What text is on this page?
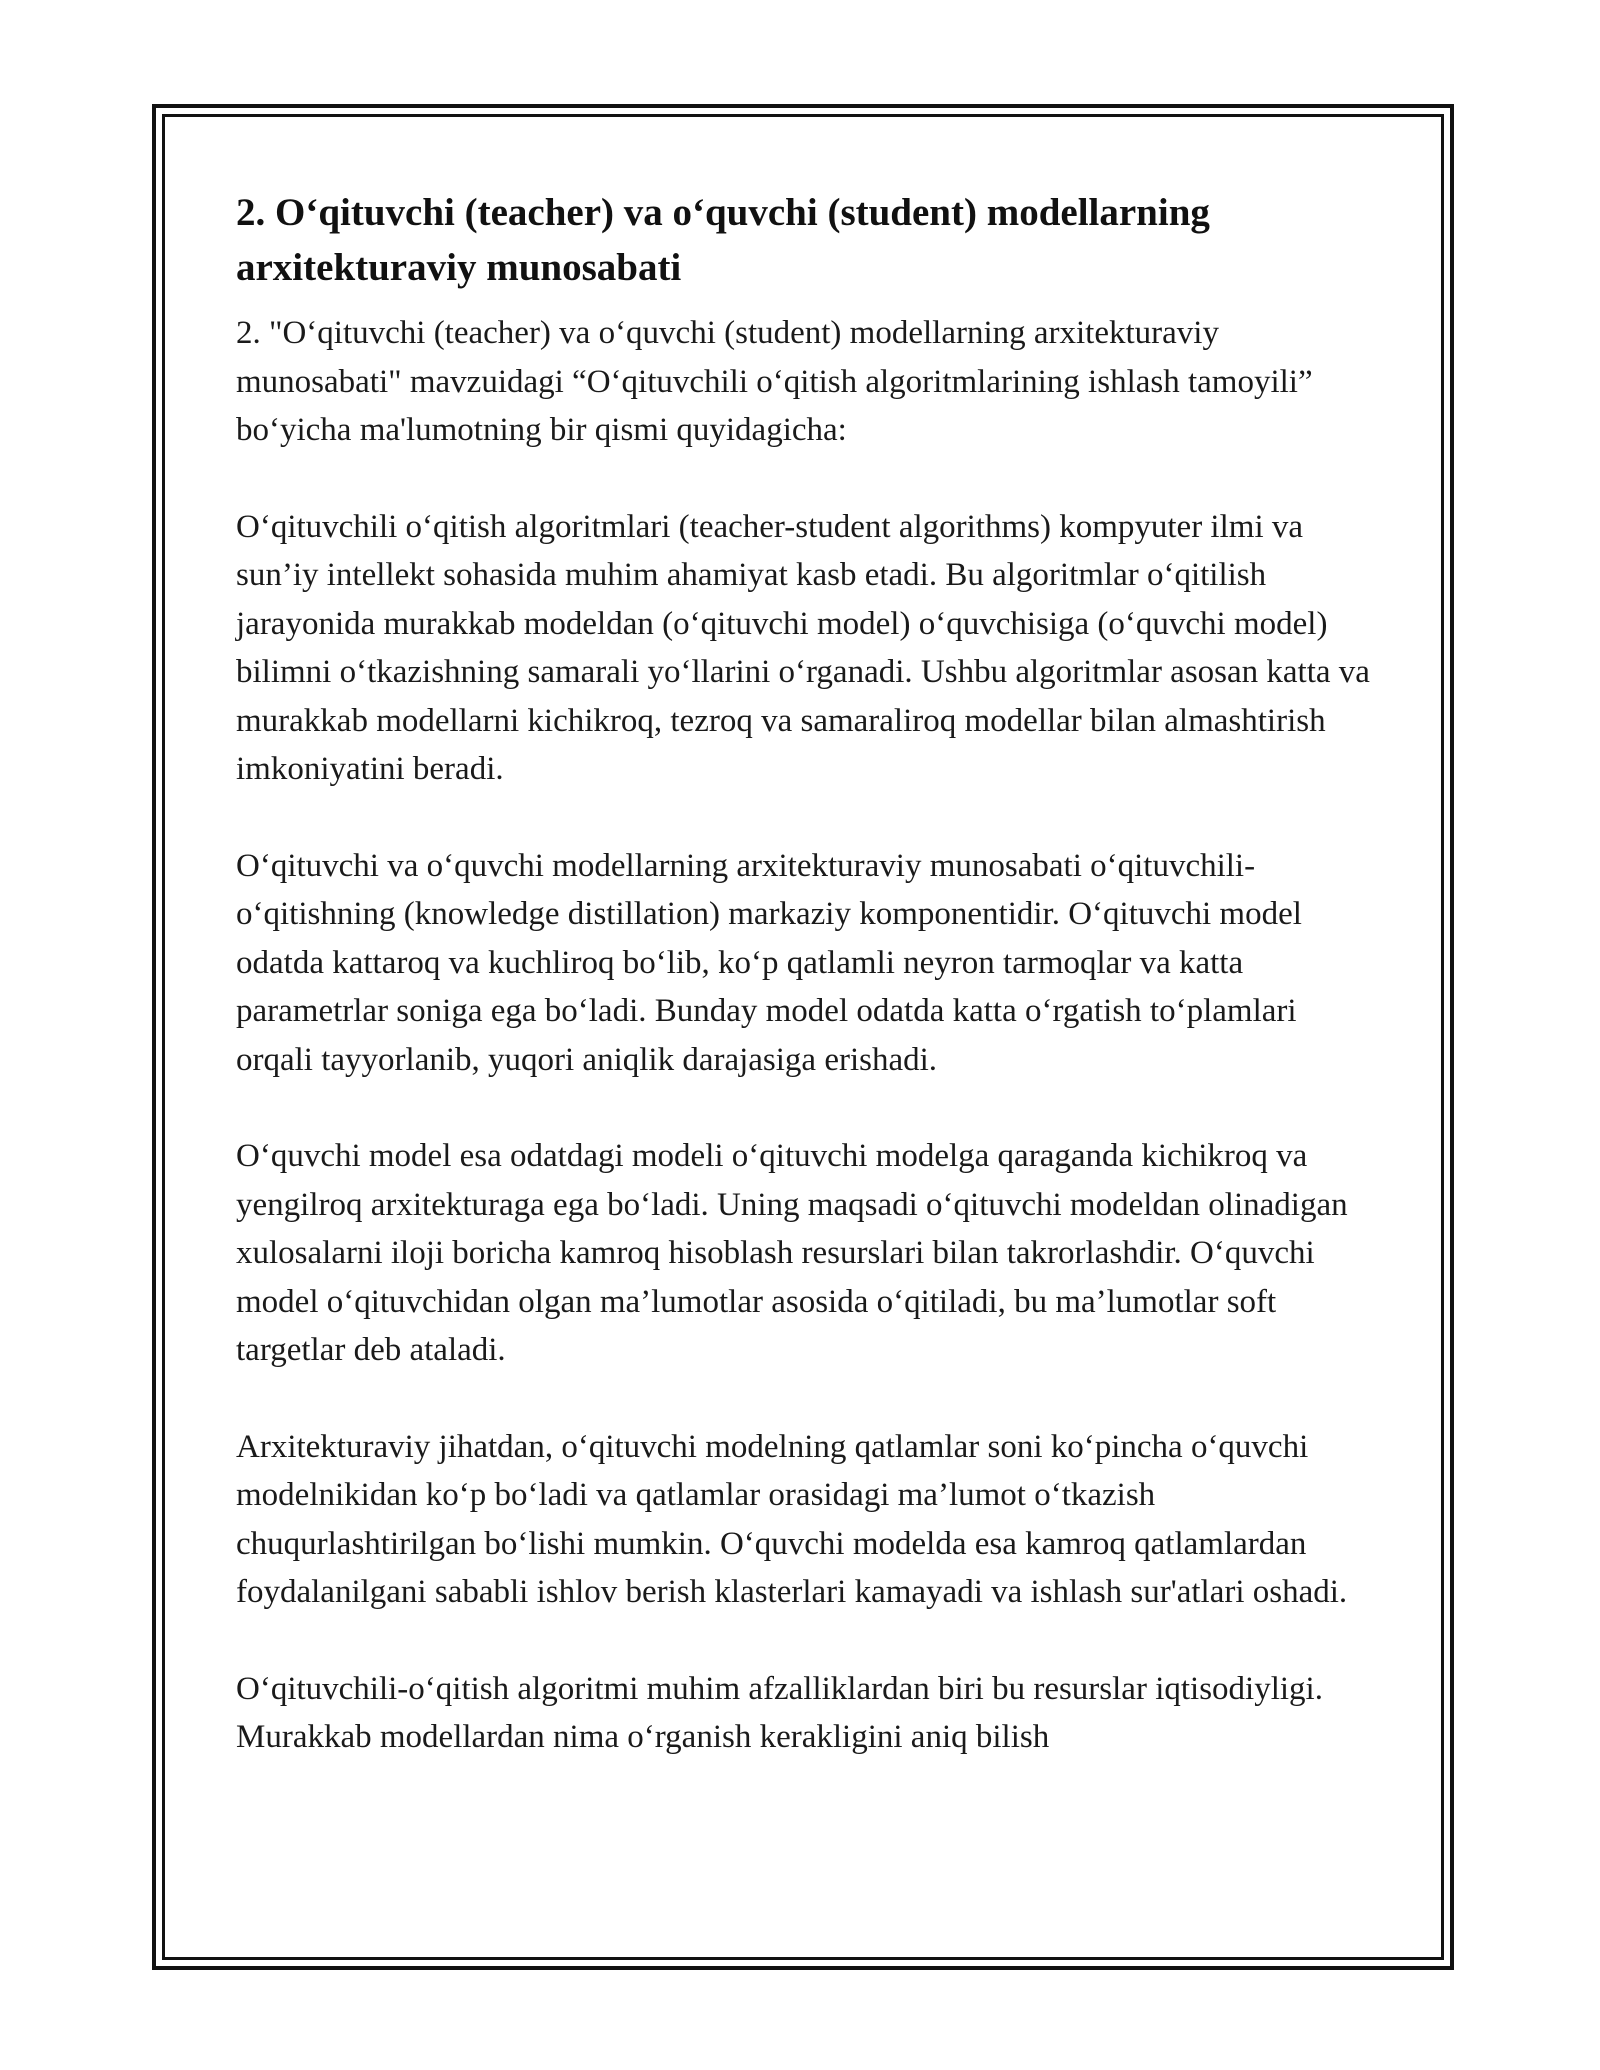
2. O‘qituvchi (teacher) va o‘quvchi (student) modellarning arxitekturaviy munosabati

2. "O‘qituvchi (teacher) va o‘quvchi (student) modellarning arxitekturaviy munosabati" mavzuidagi “O‘qituvchili o‘qitish algoritmlarining ishlash tamoyili” bo‘yicha ma'lumotning bir qismi quyidagicha:

O‘qituvchili o‘qitish algoritmlari (teacher-student algorithms) kompyuter ilmi va sun’iy intellekt sohasida muhim ahamiyat kasb etadi. Bu algoritmlar o‘qitilish jarayonida murakkab modeldan (o‘qituvchi model) o‘quvchisiga (o‘quvchi model) bilimni o‘tkazishning samarali yo‘llarini o‘rganadi. Ushbu algoritmlar asosan katta va murakkab modellarni kichikroq, tezroq va samaraliroq modellar bilan almashtirish imkoniyatini beradi.

O‘qituvchi va o‘quvchi modellarning arxitekturaviy munosabati o‘qituvchili-o‘qitishning (knowledge distillation) markaziy komponentidir. O‘qituvchi model odatda kattaroq va kuchliroq bo‘lib, ko‘p qatlamli neyron tarmoqlar va katta parametrlar soniga ega bo‘ladi. Bunday model odatda katta o‘rgatish to‘plamlari orqali tayyorlanib, yuqori aniqlik darajasiga erishadi.

O‘quvchi model esa odatdagi modeli o‘qituvchi modelga qaraganda kichikroq va yengilroq arxitekturaga ega bo‘ladi. Uning maqsadi o‘qituvchi modeldan olinadigan xulosalarni iloji boricha kamroq hisoblash resurslari bilan takrorlashdir. O‘quvchi model o‘qituvchidan olgan ma’lumotlar asosida o‘qitiladi, bu ma’lumotlar soft targetlar deb ataladi.

Arxitekturaviy jihatdan, o‘qituvchi modelning qatlamlar soni ko‘pincha o‘quvchi modelnikidan ko‘p bo‘ladi va qatlamlar orasidagi ma’lumot o‘tkazish chuqurlashtirilgan bo‘lishi mumkin. O‘quvchi modelda esa kamroq qatlamlardan foydalanilgani sababli ishlov berish klasterlari kamayadi va ishlash sur'atlari oshadi.

O‘qituvchili-o‘qitish algoritmi muhim afzalliklardan biri bu resurslar iqtisodiyligi. Murakkab modellardan nima o‘rganish kerakligini aniq bilish
